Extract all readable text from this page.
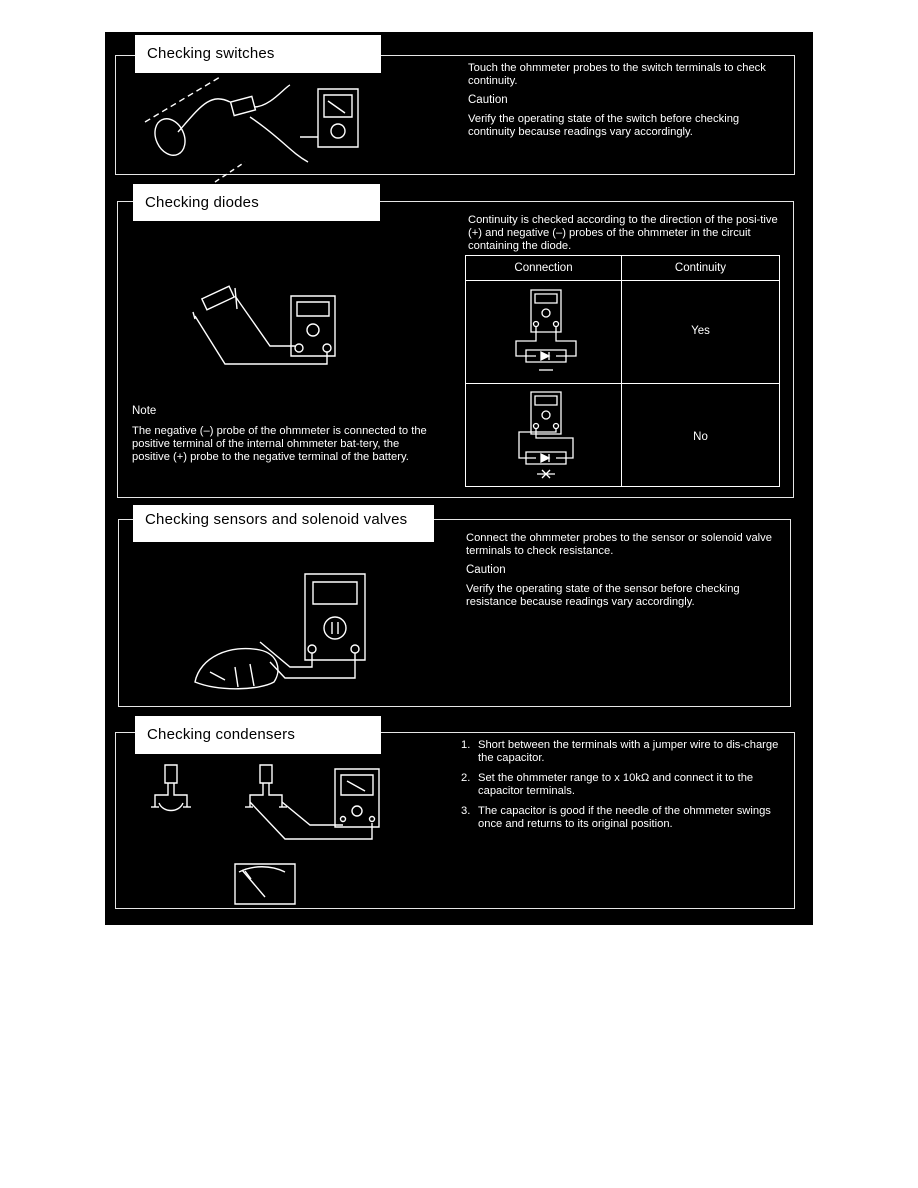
Checking switches

Touch the ohmmeter probes to the switch terminals to check continuity.

Caution

Verify the operating state of the switch before checking continuity because readings vary accordingly.

Checking diodes

Continuity is checked according to the direction of the posi-tive (+) and negative (–) probes of the ohmmeter in the circuit containing the diode.

Connection	Continuity
Yes
No

Note

The negative (–) probe of the ohmmeter is connected to the positive terminal of the internal ohmmeter bat-tery, the positive (+) probe to the negative terminal of the battery.

Checking sensors and solenoid valves

Connect the ohmmeter probes to the sensor or solenoid valve terminals to check resistance.

Caution

Verify the operating state of the sensor before checking resistance because readings vary accordingly.

Checking condensers
1. Short between the terminals with a jumper wire to dis-charge the capacitor.
2. Set the ohmmeter range to x 10kΩ and connect it to the capacitor terminals.
3. The capacitor is good if the needle of the ohmmeter swings once and returns to its original position.
